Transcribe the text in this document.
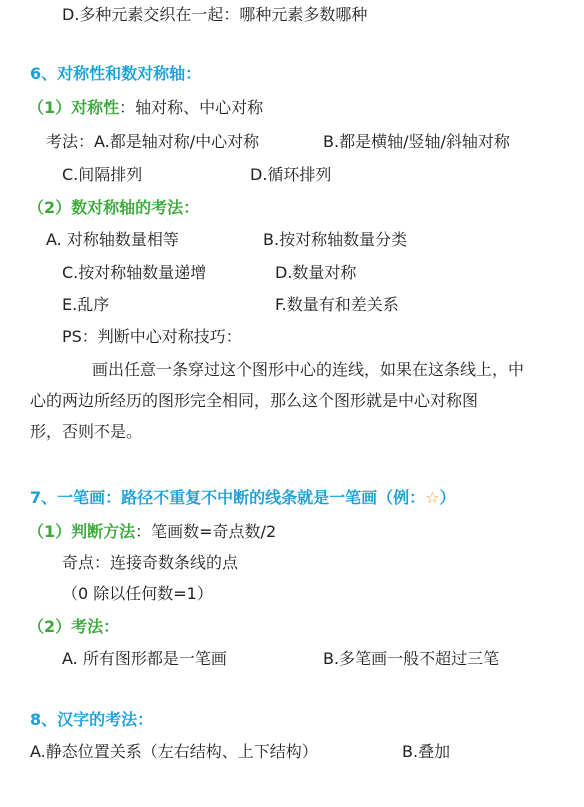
D.多种元素交织在一起：哪种元素多数哪种
6、对称性和数对称轴：
（1）对称性：轴对称、中心对称
考法：A.都是轴对称/中心对称	B.都是横轴/竖轴/斜轴对称
C.间隔排列	D.循环排列
（2）数对称轴的考法：
A. 对称轴数量相等	B.按对称轴数量分类
C.按对称轴数量递增	D.数量对称
E.乱序	F.数量有和差关系
PS：判断中心对称技巧：
画出任意一条穿过这个图形中心的连线，如果在这条线上，中
心的两边所经历的图形完全相同，那么这个图形就是中心对称图
形，否则不是。
7、一笔画：路径不重复不中断的线条就是一笔画（例：☆）
（1）判断方法：笔画数=奇点数/2
奇点：连接奇数条线的点
（0 除以任何数=1）
（2）考法：
A. 所有图形都是一笔画	B.多笔画一般不超过三笔
8、汉字的考法：
A.静态位置关系（左右结构、上下结构）	B.叠加
